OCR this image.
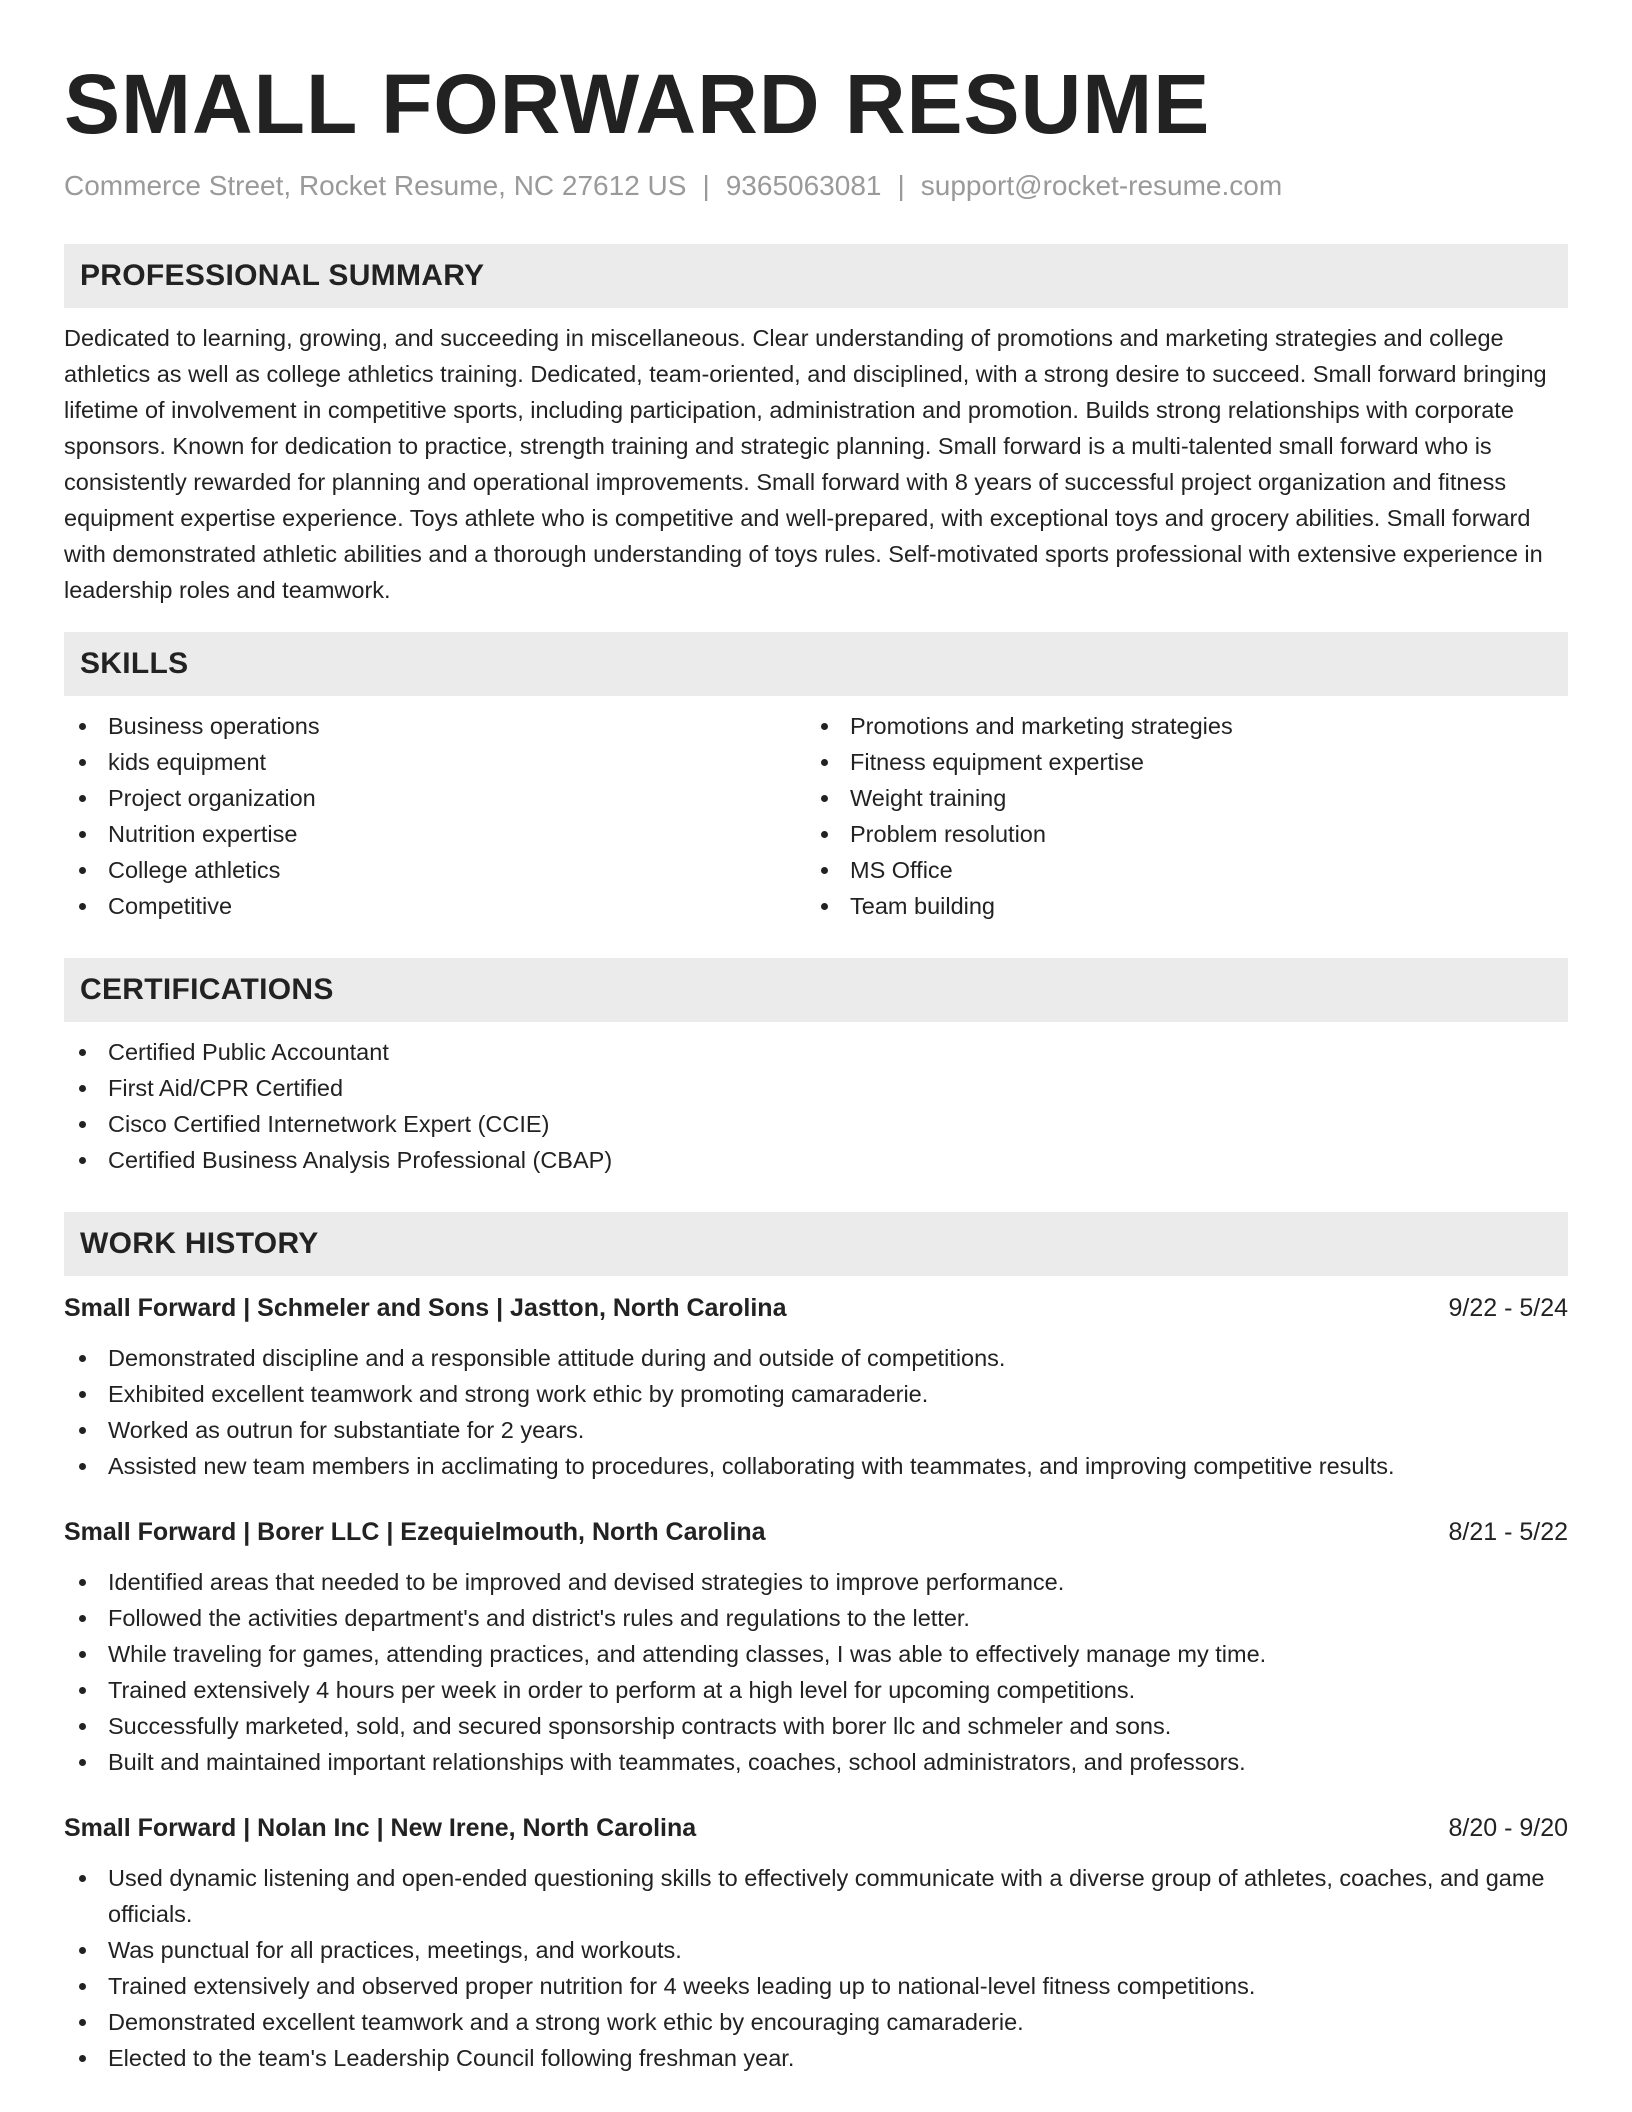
SMALL FORWARD RESUME
Commerce Street, Rocket Resume, NC 27612 US | 9365063081 | support@rocket-resume.com
PROFESSIONAL SUMMARY

Dedicated to learning, growing, and succeeding in miscellaneous. Clear understanding of promotions and marketing strategies and college athletics as well as college athletics training. Dedicated, team-oriented, and disciplined, with a strong desire to succeed. Small forward bringing lifetime of involvement in competitive sports, including participation, administration and promotion. Builds strong relationships with corporate sponsors. Known for dedication to practice, strength training and strategic planning. Small forward is a multi-talented small forward who is consistently rewarded for planning and operational improvements. Small forward with 8 years of successful project organization and fitness equipment expertise experience. Toys athlete who is competitive and well-prepared, with exceptional toys and grocery abilities. Small forward with demonstrated athletic abilities and a thorough understanding of toys rules. Self-motivated sports professional with extensive experience in leadership roles and teamwork.

SKILLS
Business operations
kids equipment
Project organization
Nutrition expertise
College athletics
Competitive
Promotions and marketing strategies
Fitness equipment expertise
Weight training
Problem resolution
MS Office
Team building
CERTIFICATIONS
Certified Public Accountant
First Aid/CPR Certified
Cisco Certified Internetwork Expert (CCIE)
Certified Business Analysis Professional (CBAP)
WORK HISTORY
Small Forward | Schmeler and Sons | Jastton, North Carolina	9/22 - 5/24
Demonstrated discipline and a responsible attitude during and outside of competitions.
Exhibited excellent teamwork and strong work ethic by promoting camaraderie.
Worked as outrun for substantiate for 2 years.
Assisted new team members in acclimating to procedures, collaborating with teammates, and improving competitive results.
Small Forward | Borer LLC | Ezequielmouth, North Carolina	8/21 - 5/22
Identified areas that needed to be improved and devised strategies to improve performance.
Followed the activities department's and district's rules and regulations to the letter.
While traveling for games, attending practices, and attending classes, I was able to effectively manage my time.
Trained extensively 4 hours per week in order to perform at a high level for upcoming competitions.
Successfully marketed, sold, and secured sponsorship contracts with borer llc and schmeler and sons.
Built and maintained important relationships with teammates, coaches, school administrators, and professors.
Small Forward | Nolan Inc | New Irene, North Carolina	8/20 - 9/20
Used dynamic listening and open-ended questioning skills to effectively communicate with a diverse group of athletes, coaches, and game officials.
Was punctual for all practices, meetings, and workouts.
Trained extensively and observed proper nutrition for 4 weeks leading up to national-level fitness competitions.
Demonstrated excellent teamwork and a strong work ethic by encouraging camaraderie.
Elected to the team's Leadership Council following freshman year.
